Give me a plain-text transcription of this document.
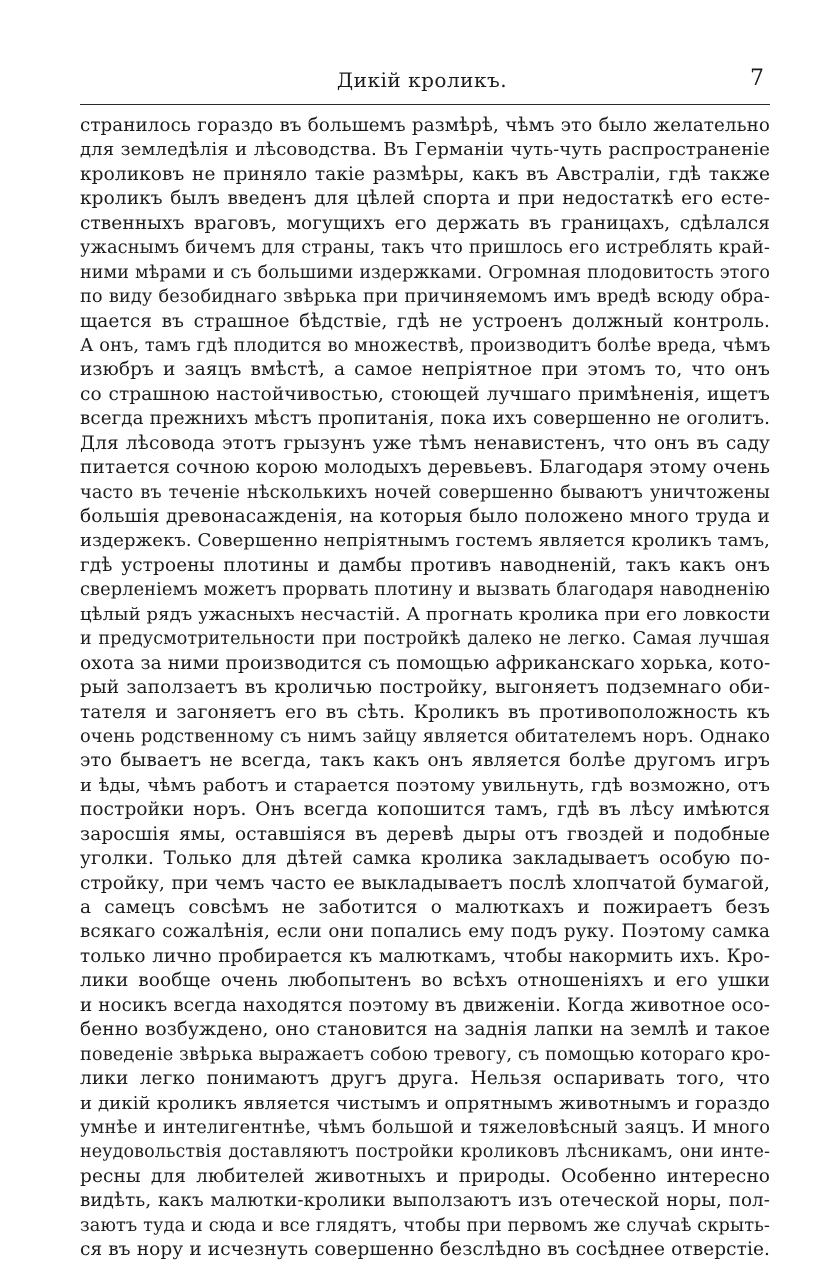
Дикій кроликъ.	7
странилось гораздо въ большемъ размѣрѣ, чѣмъ это было желательно
для земледѣлія и лѣсоводства. Въ Германіи чуть-чуть распространеніе
кроликовъ не приняло такіе размѣры, какъ въ Австраліи, гдѣ также
кроликъ былъ введенъ для цѣлей спорта и при недостаткѣ его есте-
ственныхъ враговъ, могущихъ его держать въ границахъ, сдѣлался
ужаснымъ бичемъ для страны, такъ что пришлось его истреблять край-
ними мѣрами и съ большими издержками. Огромная плодовитость этого
по виду безобиднаго звѣрька при причиняемомъ имъ вредѣ всюду обра-
щается въ страшное бѣдствіе, гдѣ не устроенъ должный контроль.
А онъ, тамъ гдѣ плодится во множествѣ, производитъ болѣе вреда, чѣмъ
изюбръ и заяцъ вмѣстѣ, а самое непріятное при этомъ то, что онъ
со страшною настойчивостью, стоющей лучшаго примѣненія, ищетъ
всегда прежнихъ мѣстъ пропитанія, пока ихъ совершенно не оголитъ.
Для лѣсовода этотъ грызунъ уже тѣмъ ненавистенъ, что онъ въ саду
питается сочною корою молодыхъ деревьевъ. Благодаря этому очень
часто въ теченіе нѣсколькихъ ночей совершенно бываютъ уничтожены
большія древонасажденія, на которыя было положено много труда и
издержекъ. Совершенно непріятнымъ гостемъ является кроликъ тамъ,
гдѣ устроены плотины и дамбы противъ наводненій, такъ какъ онъ
сверленіемъ можетъ прорвать плотину и вызвать благодаря наводненію
цѣлый рядъ ужасныхъ несчастій. А прогнать кролика при его ловкости
и предусмотрительности при постройкѣ далеко не легко. Самая лучшая
охота за ними производится съ помощью африканскаго хорька, кото-
рый заползаетъ въ кроличью постройку, выгоняетъ подземнаго оби-
тателя и загоняетъ его въ сѣть. Кроликъ въ противоположность къ
очень родственному съ нимъ зайцу является обитателемъ норъ. Однако
это бываетъ не всегда, такъ какъ онъ является болѣе другомъ игръ
и ѣды, чѣмъ работъ и старается поэтому увильнуть, гдѣ возможно, отъ
постройки норъ. Онъ всегда копошится тамъ, гдѣ въ лѣсу имѣются
заросшія ямы, оставшіяся въ деревѣ дыры отъ гвоздей и подобные
уголки. Только для дѣтей самка кролика закладываетъ особую по-
стройку, при чемъ часто ее выкладываетъ послѣ хлопчатой бумагой,
а самецъ совсѣмъ не заботится о малюткахъ и пожираетъ безъ
всякаго сожалѣнія, если они попались ему подъ руку. Поэтому самка
только лично пробирается къ малюткамъ, чтобы накормить ихъ. Кро-
лики вообще очень любопытенъ во всѣхъ отношеніяхъ и его ушки
и носикъ всегда находятся поэтому въ движеніи. Когда животное осо-
бенно возбуждено, оно становится на заднія лапки на землѣ и такое
поведеніе звѣрька выражаетъ собою тревогу, съ помощью котораго кро-
лики легко понимаютъ другъ друга. Нельзя оспаривать того, что
и дикій кроликъ является чистымъ и опрятнымъ животнымъ и гораздо
умнѣе и интелигентнѣе, чѣмъ большой и тяжеловѣсный заяцъ. И много
неудовольствія доставляютъ постройки кроликовъ лѣсникамъ, они инте-
ресны для любителей животныхъ и природы. Особенно интересно
видѣть, какъ малютки-кролики выползаютъ изъ отеческой норы, пол-
заютъ туда и сюда и все глядятъ, чтобы при первомъ же случаѣ скрыть-
ся въ нору и исчезнуть совершенно безслѣдно въ сосѣднее отверстіе.
